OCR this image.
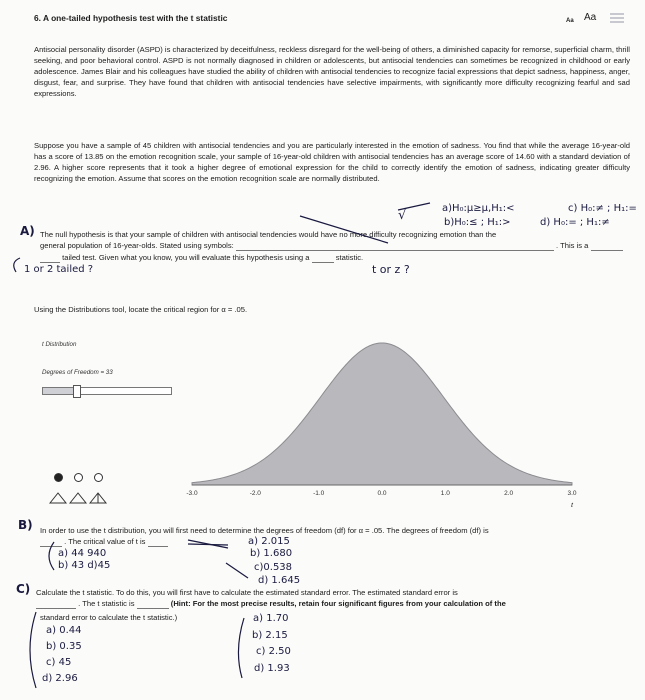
6. A one-tailed hypothesis test with the t statistic	Aa Aa
Antisocial personality disorder (ASPD) is characterized by deceitfulness, reckless disregard for the well-being of others, a diminished capacity for remorse, superficial charm, thrill seeking, and poor behavioral control. ASPD is not normally diagnosed in children or adolescents, but antisocial tendencies can sometimes be recognized in childhood or early adolescence. James Blair and his colleagues have studied the ability of children with antisocial tendencies to recognize facial expressions that depict sadness, happiness, anger, disgust, fear, and surprise. They have found that children with antisocial tendencies have selective impairments, with significantly more difficulty recognizing fearful and sad expressions.
Suppose you have a sample of 45 children with antisocial tendencies and you are particularly interested in the emotion of sadness. You find that while the average 16-year-old has a score of 13.85 on the emotion recognition scale, your sample of 16-year-old children with antisocial tendencies has an average score of 14.60 with a standard deviation of 2.96. A higher score represents that it took a higher degree of emotional expression for the child to correctly identify the emotion of sadness, indicating greater difficulty recognizing the emotion. Assume that scores on the emotion recognition scale are normally distributed.
a)H₀:μ≥μ,H₁:<	c) H₀:≠ ; H₁:=
√	b)H₀:≤ ; H₁:>	d) H₀:= ; H₁:≠
A) The null hypothesis is that your sample of children with antisocial tendencies would have no more difficulty recognizing emotion than the
general population of 16-year-olds. Stated using symbols:	. This is a
tailed test. Given what you know, you will evaluate this hypothesis using a	statistic.
1 or 2 tailed ?	t or z ?
Using the Distributions tool, locate the critical region for α = .05.
t Distribution
Degrees of Freedom = 33
-3.0	-2.0	-1.0	0.0	1.0	2.0	3.0
t
B) In order to use the t distribution, you will first need to determine the degrees of freedom (df) for α = .05. The degrees of freedom (df) is
. The critical value of t is
a) 44 940
b) 43 d)45
a) 2.015
b) 1.680
c)0.538
d) 1.645
C) Calculate the t statistic. To do this, you will first have to calculate the estimated standard error. The estimated standard error is
. The t statistic is	(Hint: For the most precise results, retain four significant figures from your calculation of the
standard error to calculate the t statistic.)
a) 0.44
b) 0.35
c) 45
d) 2.96
a) 1.70
b) 2.15
c) 2.50
d) 1.93
